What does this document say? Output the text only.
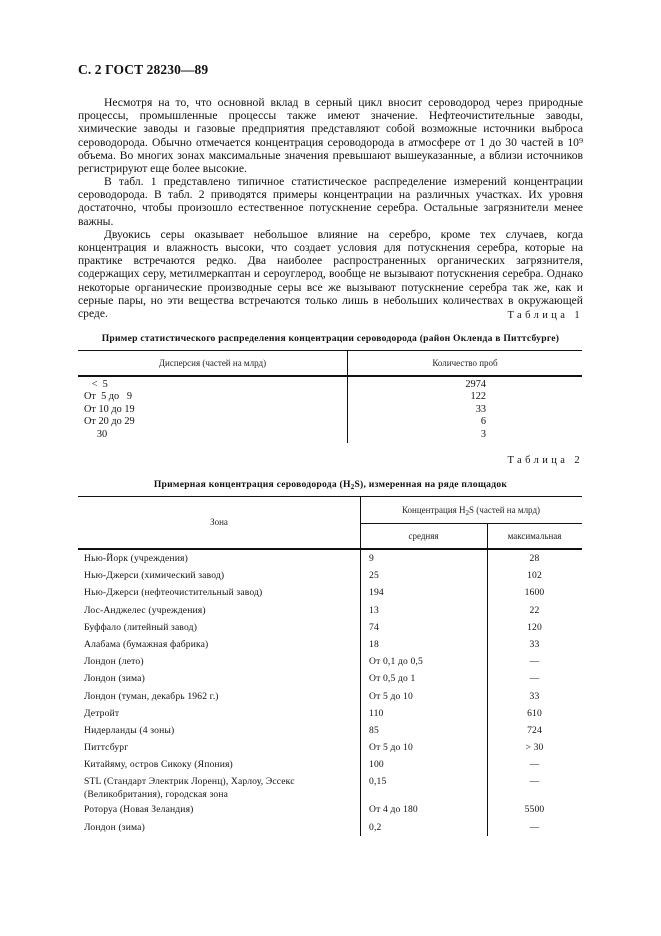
С. 2 ГОСТ 28230—89

Несмотря на то, что основной вклад в серный цикл вносит сероводород через природные процессы, промышленные процессы также имеют значение. Нефтеочистительные заводы, химические заводы и газовые предприятия представляют собой возможные источники выброса сероводорода. Обычно отмечается концентрация сероводорода в атмосфере от 1 до 30 частей в 10⁹ объема. Во многих зонах максимальные значения превышают вышеуказанные, а вблизи источников регистрируют еще более высокие.

В табл. 1 представлено типичное статистическое распределение измерений концентрации сероводорода. В табл. 2 приводятся примеры концентрации на различных участках. Их уровня достаточно, чтобы произошло естественное потускнение серебра. Остальные загрязнители менее важны.

Двуокись серы оказывает небольшое влияние на серебро, кроме тех случаев, когда концентрация и влажность высоки, что создает условия для потускнения серебра, которые на практике встречаются редко. Два наиболее распространенных органических загрязнителя, содержащих серу, метилмеркаптан и сероуглерод, вообще не вызывают потускнения серебра. Однако некоторые органические производные серы все же вызывают потускнение серебра так же, как и серные пары, но эти вещества встречаются только лишь в небольших количествах в окружающей среде.	Таблица 1
Пример статистического распределения концентрации сероводорода (район Окленда в Питтсбурге)
Дисперсия (частей на млрд)	Количество проб
<  5	2974
От  5 до   9	122
От 10 до 19	33
От 20 до 29	6
30	3
Таблица 2
Примерная концентрация сероводорода $(H_2S)$, измеренная на ряде площадок
Зона
Концентрация $H_2S$ (частей на млрд)
средняя	максимальная
Нью-Йорк (учреждения)	9	28
Нью-Джерси (химический завод)	25	102
Нью-Джерси (нефтеочистительный завод)	194	1600
Лос-Анджелес (учреждения)	13	22
Буффало (литейный завод)	74	120
Алабама (бумажная фабрика)	18	33
Лондон (лето)	От 0,1 до 0,5	—
Лондон (зима)	От 0,5 до 1	—
Лондон (туман, декабрь 1962 г.)	От 5 до 10	33
Детройт	110	610
Нидерланды (4 зоны)	85	724
Питтсбург	От 5 до 10	> 30
Китайяму, остров Сикоку (Япония)	100	—
STL (Стандарт Электрик Лоренц), Харлоу, Эссекс (Великобритания), городская зона
0,15	—
Роторуа (Новая Зеландия)	От 4 до 180	5500
Лондон (зима)	0,2	—
